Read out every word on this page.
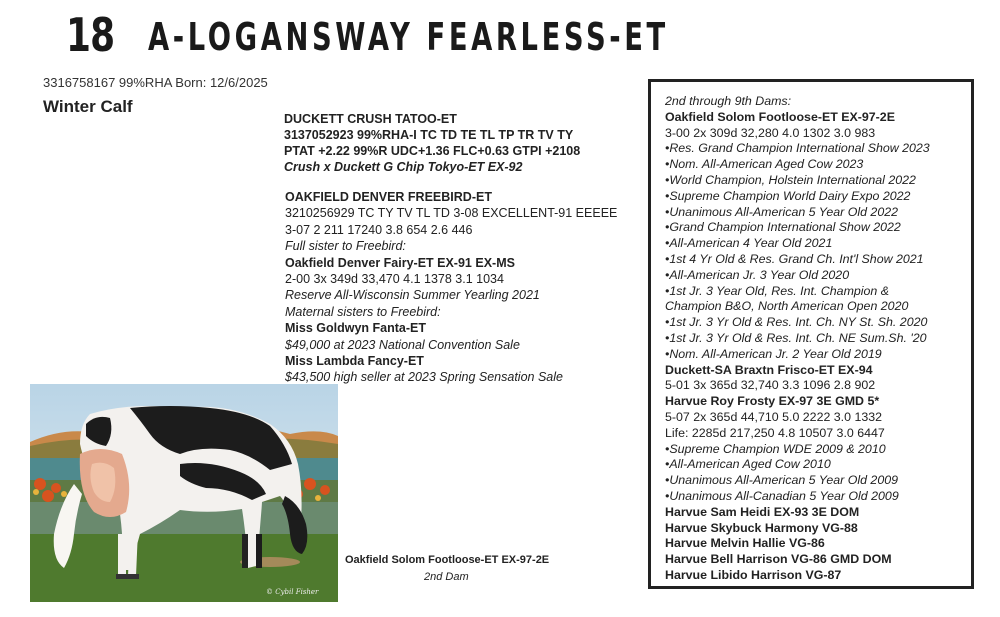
18 A-LOGANSWAY FEARLESS-ET
3316758167 99%RHA Born: 12/6/2025
Winter Calf
DUCKETT CRUSH TATOO-ET
3137052923 99%RHA-I TC TD TE TL TP TR TV TY
PTAT +2.22 99%R UDC+1.36 FLC+0.63 GTPI +2108
Crush x Duckett G Chip Tokyo-ET EX-92
OAKFIELD DENVER FREEBIRD-ET
3210256929 TC TY TV TL TD 3-08 EXCELLENT-91 EEEEE
3-07 2 211 17240 3.8 654 2.6 446
Full sister to Freebird:
Oakfield Denver Fairy-ET EX-91 EX-MS
2-00 3x 349d 33,470 4.1 1378 3.1 1034
Reserve All-Wisconsin Summer Yearling 2021
Maternal sisters to Freebird:
Miss Goldwyn Fanta-ET
$49,000 at 2023 National Convention Sale
Miss Lambda Fancy-ET
$43,500 high seller at 2023 Spring Sensation Sale
© Cybil Fisher
Oakfield Solom Footloose-ET EX-97-2E
2nd Dam
2nd through 9th Dams:
Oakfield Solom Footloose-ET EX-97-2E
3-00 2x 309d 32,280 4.0 1302 3.0 983
•Res. Grand Champion International Show 2023
•Nom. All-American Aged Cow 2023
•World Champion, Holstein International 2022
•Supreme Champion World Dairy Expo 2022
•Unanimous All-American 5 Year Old 2022
•Grand Champion International Show 2022
•All-American 4 Year Old 2021
•1st 4 Yr Old & Res. Grand Ch. Int'l Show 2021
•All-American Jr. 3 Year Old 2020
•1st Jr. 3 Year Old, Res. Int. Champion &
Champion B&O, North American Open 2020
•1st Jr. 3 Yr Old & Res. Int. Ch. NY St. Sh. 2020
•1st Jr. 3 Yr Old & Res. Int. Ch. NE Sum.Sh. '20
•Nom. All-American Jr. 2 Year Old 2019
Duckett-SA Braxtn Frisco-ET EX-94
5-01 3x 365d 32,740 3.3 1096 2.8 902
Harvue Roy Frosty EX-97 3E GMD 5*
5-07 2x 365d 44,710 5.0 2222 3.0 1332
Life: 2285d 217,250 4.8 10507 3.0 6447
•Supreme Champion WDE 2009 & 2010
•All-American Aged Cow 2010
•Unanimous All-American 5 Year Old 2009
•Unanimous All-Canadian 5 Year Old 2009
Harvue Sam Heidi EX-93 3E DOM
Harvue Skybuck Harmony VG-88
Harvue Melvin Hallie VG-86
Harvue Bell Harrison VG-86 GMD DOM
Harvue Libido Harrison VG-87
